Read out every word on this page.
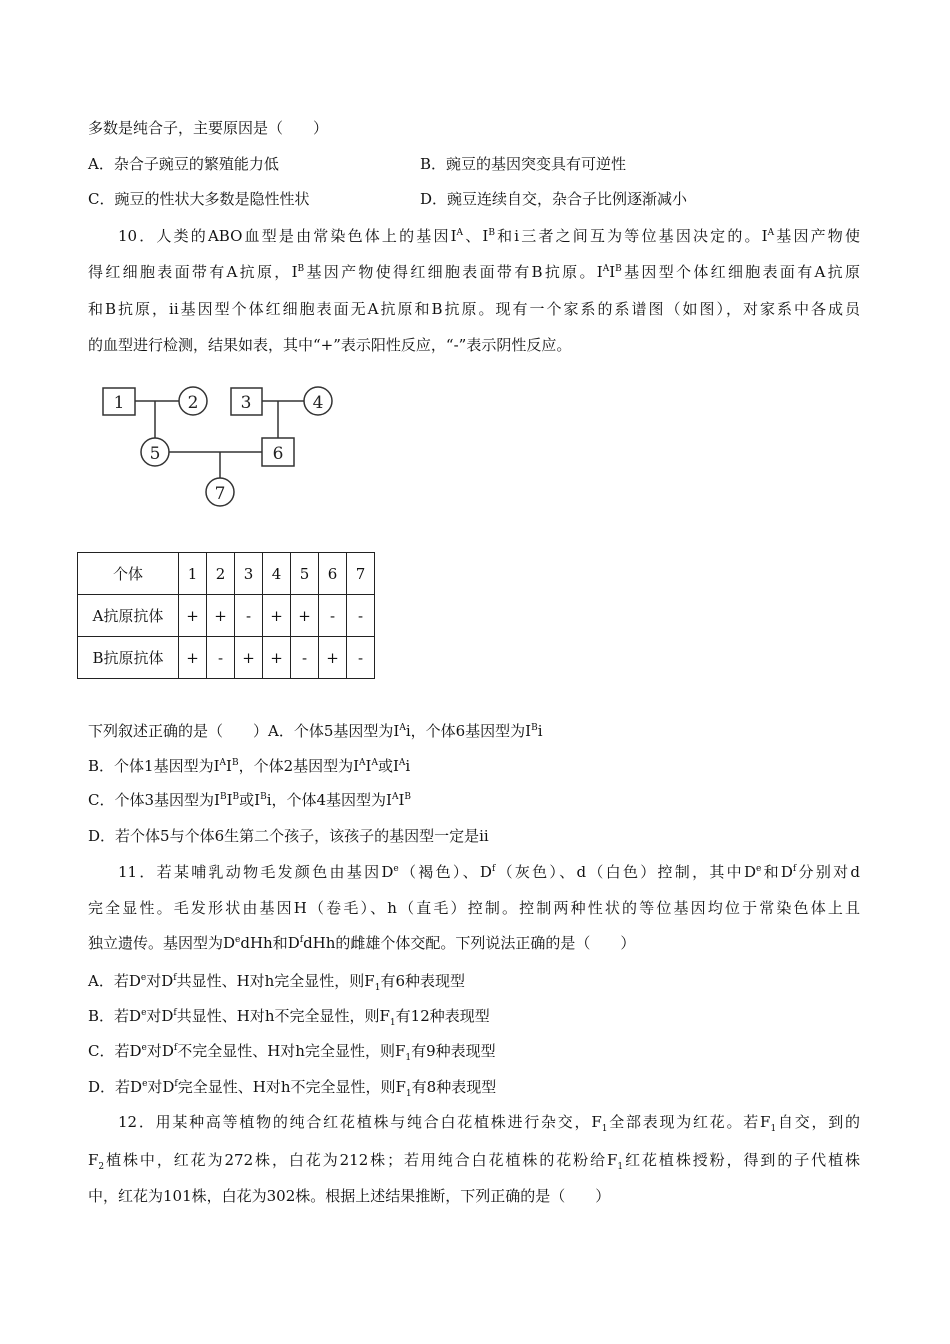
多数是纯合子，主要原因是（　　）
A．杂合子豌豆的繁殖能力低	B．豌豆的基因突变具有可逆性
C．豌豆的性状大多数是隐性性状	D．豌豆连续自交，杂合子比例逐渐减小
10．人类的ABO血型是由常染色体上的基因$I^A$、$I^B$和i三者之间互为等位基因决定的。$I^A$基因产物使
得红细胞表面带有A抗原，$I^B$基因产物使得红细胞表面带有B抗原。$I^AI^B$基因型个体红细胞表面有A抗原
和B抗原，ii基因型个体红细胞表面无A抗原和B抗原。现有一个家系的系谱图（如图），对家系中各成员
的血型进行检测，结果如表，其中“+”表示阳性反应，“-”表示阴性反应。
下列叙述正确的是（　　）A．个体5基因型为$I^Ai$，个体6基因型为$I^Bi$
B．个体1基因型为$I^AI^B$，个体2基因型为$I^AI^A$或$I^Ai$
C．个体3基因型为$I^BI^B$或$I^Bi$，个体4基因型为$I^AI^B$
D．若个体5与个体6生第二个孩子，该孩子的基因型一定是ii
11．若某哺乳动物毛发颜色由基因De（褐色）、$D^f$（灰色）、d（白色）控制，其中De和$D^f$分别对d
完全显性。毛发形状由基因H（卷毛）、h（直毛）控制。控制两种性状的等位基因均位于常染色体上且
独立遗传。基因型为DedHh和$D^fdHh$的雌雄个体交配。下列说法正确的是（　　）
A．若De对$D^f$共显性、H对h完全显性，则$F_1$有6种表现型
B．若De对$D^f$共显性、H对h不完全显性，则$F_1$有12种表现型
C．若De对$D^f$不完全显性、H对h完全显性，则$F_1$有9种表现型
D．若De对$D^f$完全显性、H对h不完全显性，则$F_1$有8种表现型
12．用某种高等植物的纯合红花植株与纯合白花植株进行杂交，$F_1$全部表现为红花。若$F_1$自交，到的
$F_2$植株中，红花为272株，白花为212株；若用纯合白花植株的花粉给$F_1$红花植株授粉，得到的子代植株
中，红花为101株，白花为302株。根据上述结果推断，下列正确的是（　　）
1	2 3	4
5	6
7
个体	1	2	3	4	5	6	7
A抗原抗体	+	+	-	+	+	-	-
B抗原抗体	+	-	+	+	-	+	-
